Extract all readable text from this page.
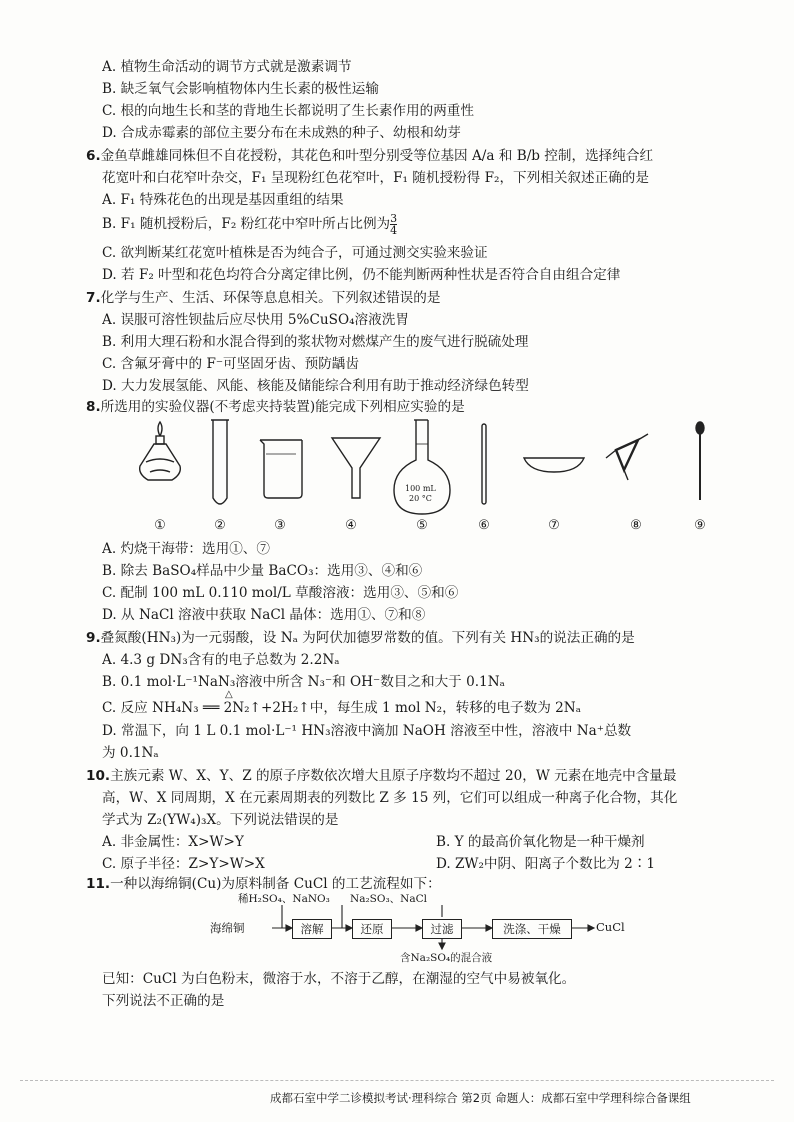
A. 植物生命活动的调节方式就是激素调节
B. 缺乏氧气会影响植物体内生长素的极性运输
C. 根的向地生长和茎的背地生长都说明了生长素作用的两重性
D. 合成赤霉素的部位主要分布在未成熟的种子、幼根和幼芽
6.金鱼草雌雄同株但不自花授粉，其花色和叶型分别受等位基因 A/a 和 B/b 控制，选择纯合红
花宽叶和白花窄叶杂交，F₁ 呈现粉红色花窄叶，F₁ 随机授粉得 F₂，下列相关叙述正确的是
A. F₁ 特殊花色的出现是基因重组的结果
B. F₁ 随机授粉后，F₂ 粉红花中窄叶所占比例为 $\frac{3}{4}$
C. 欲判断某红花宽叶植株是否为纯合子，可通过测交实验来验证
D. 若 F₂ 叶型和花色均符合分离定律比例，仍不能判断两种性状是否符合自由组合定律
7.化学与生产、生活、环保等息息相关。下列叙述错误的是
A. 误服可溶性钡盐后应尽快用 5%CuSO₄溶液洗胃
B. 利用大理石粉和水混合得到的浆状物对燃煤产生的废气进行脱硫处理
C. 含氟牙膏中的 F⁻可坚固牙齿、预防龋齿
D. 大力发展氢能、风能、核能及储能综合利用有助于推动经济绿色转型
8.所选用的实验仪器(不考虑夹持装置)能完成下列相应实验的是
100 mL
20 °C
①	②	③	④	⑤	⑥	⑦	⑧	⑨
A. 灼烧干海带：选用①、⑦
B. 除去 BaSO₄样品中少量 BaCO₃：选用③、④和⑥
C. 配制 100 mL 0.110 mol/L 草酸溶液：选用③、⑤和⑥
D. 从 NaCl 溶液中获取 NaCl 晶体：选用①、⑦和⑧
9.叠氮酸(HN₃)为一元弱酸，设 Nₐ 为阿伏加德罗常数的值。下列有关 HN₃的说法正确的是
A. 4.3 g DN₃含有的电子总数为 2.2Nₐ
B. 0.1 mol·L⁻¹NaN₃溶液中所含 N₃⁻和 OH⁻数目之和大于 0.1Nₐ
C. 反应 NH₄N₃ ══ 2N₂↑+2H₂↑中，每生成 1 mol N₂，转移的电子数为 2Nₐ
△
D. 常温下，向 1 L 0.1 mol·L⁻¹ HN₃溶液中滴加 NaOH 溶液至中性，溶液中 Na⁺总数
为 0.1Nₐ
10.主族元素 W、X、Y、Z 的原子序数依次增大且原子序数均不超过 20，W 元素在地壳中含量最
高，W、X 同周期，X 在元素周期表的列数比 Z 多 15 列，它们可以组成一种离子化合物，其化
学式为 Z₂(YW₄)₃X。下列说法错误的是
A. 非金属性：X>W>Y	B. Y 的最高价氧化物是一种干燥剂
C. 原子半径：Z>Y>W>X	D. ZW₂中阴、阳离子个数比为 2∶1
11.一种以海绵铜(Cu)为原料制备 CuCl 的工艺流程如下：
海绵铜
稀H₂SO₄、NaNO₃ Na₂SO₃、NaCl
溶解	还原	过滤	洗涤、干燥	CuCl
含Na₂SO₄的混合液
已知：CuCl 为白色粉末，微溶于水，不溶于乙醇，在潮湿的空气中易被氧化。
下列说法不正确的是
成都石室中学二诊模拟考试·理科综合 第2页 命题人：成都石室中学理科综合备课组
